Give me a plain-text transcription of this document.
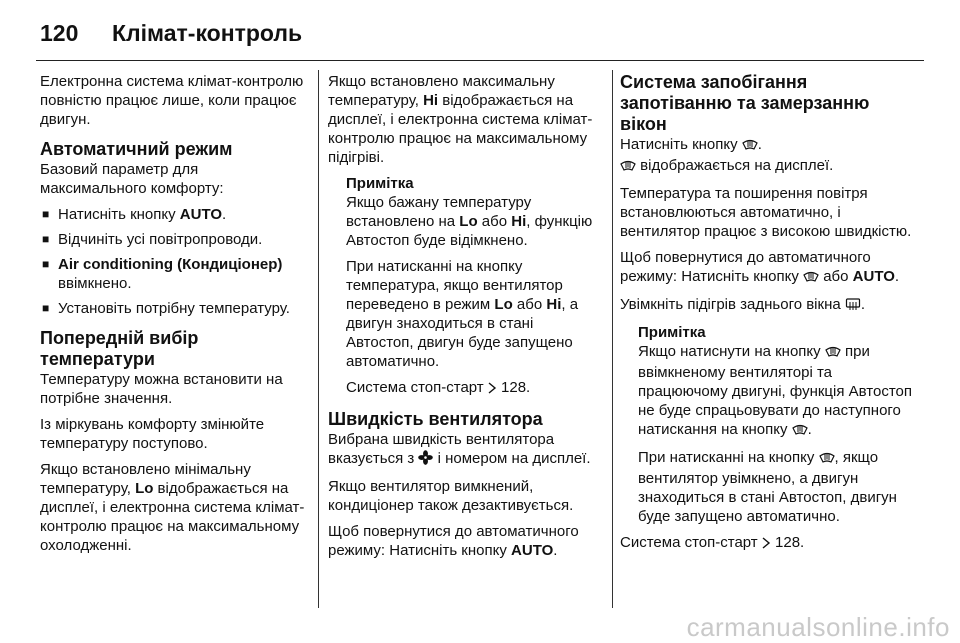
120 Клімат-контроль

Електронна система клімат-контролю повністю працює лише, коли працює двигун.

Автоматичний режим

Базовий параметр для максимального комфорту:

■ Натисніть кнопку AUTO.
■ Відчиніть усі повітропроводи.
■ Air conditioning (Кондиціонер)
ввімкнено.
■ Установіть потрібну температуру.
Попередній вибір температури

Температуру можна встановити на потрібне значення.

Із міркувань комфорту змінюйте температуру поступово.

Якщо встановлено мінімальну температуру, Lo відображається на дисплеї, і електронна система клімат-контролю працює на максимальному охолодженні.

Якщо встановлено максимальну температуру, Hi відображається на дисплеї, і електронна система клімат-контролю працює на максимальному підігріві.

Примітка

Якщо бажану температуру встановлено на Lo або Hi, функцію Автостоп буде відімкнено.

При натисканні на кнопку температура, якщо вентилятор переведено в режим Lo або Hi, а двигун знаходиться в стані Автостоп, двигун буде запущено автоматично.

Система стоп-старт  128.

Швидкість вентилятора

Вибрана швидкість вентилятора вказується з  і номером на дисплеї.

Якщо вентилятор вимкнений, кондиціонер також дезактивується.

Щоб повернутися до автоматичного режиму: Натисніть кнопку AUTO.

Система запобігання запотіванню та замерзанню вікон

Натисніть кнопку .
відображається на дисплеї.

Температура та поширення повітря встановлюються автоматично, і вентилятор працює з високою швидкістю.

Щоб повернутися до автоматичного режиму: Натисніть кнопку  або AUTO.

Увімкніть підігрів заднього вікна .

Примітка

Якщо натиснути на кнопку  при ввімкненому вентиляторі та працюючому двигуні, функція Автостоп не буде спрацьовувати до наступного натискання на кнопку .

При натисканні на кнопку , якщо вентилятор увімкнено, а двигун знаходиться в стані Автостоп, двигун буде запущено автоматично.

Система стоп-старт  128.

carmanualsonline.info
